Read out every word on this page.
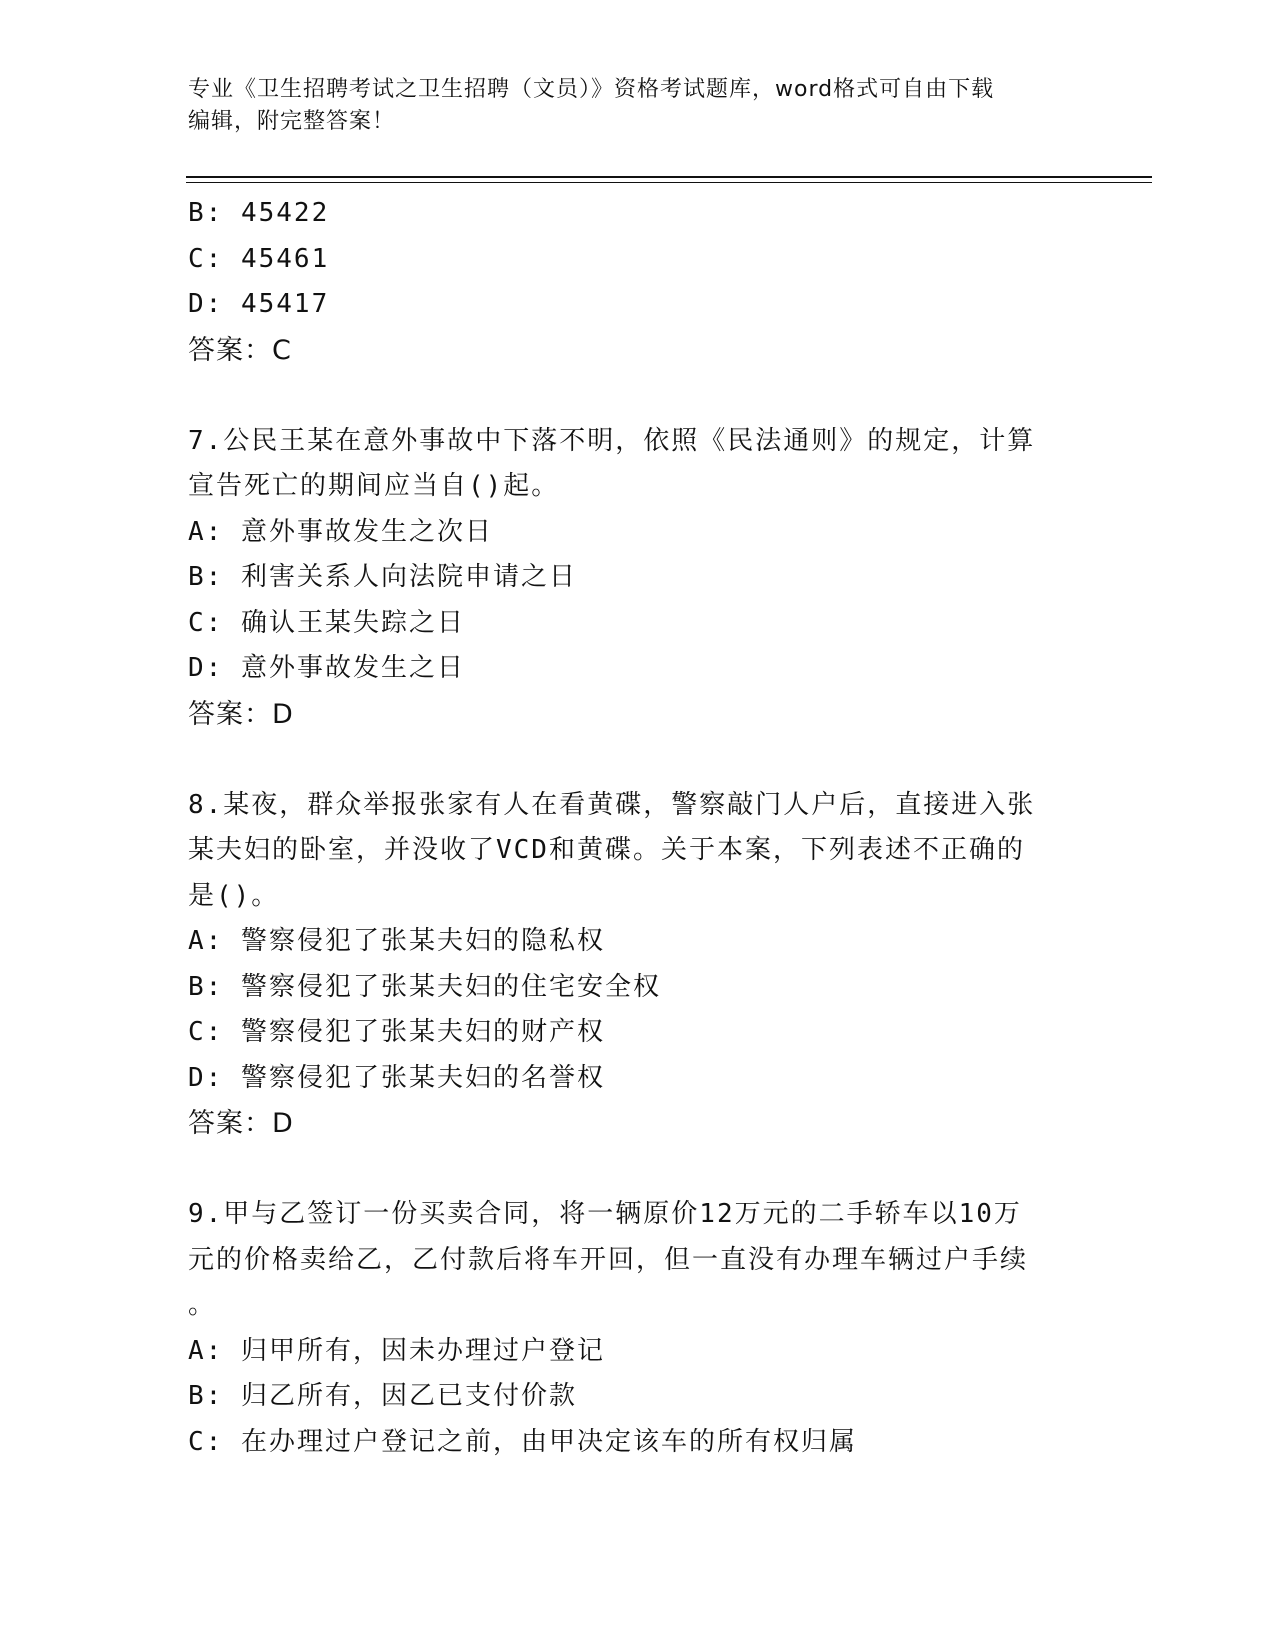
专业《卫生招聘考试之卫生招聘（文员）》资格考试题库，word格式可自由下载
编辑，附完整答案！
B: 45422
C: 45461
D: 45417
答案：C
7.公民王某在意外事故中下落不明，依照《民法通则》的规定，计算
宣告死亡的期间应当自()起。
A: 意外事故发生之次日
B: 利害关系人向法院申请之日
C: 确认王某失踪之日
D: 意外事故发生之日
答案：D
8.某夜，群众举报张家有人在看黄碟，警察敲门人户后，直接进入张
某夫妇的卧室，并没收了VCD和黄碟。关于本案，下列表述不正确的
是()。
A: 警察侵犯了张某夫妇的隐私权
B: 警察侵犯了张某夫妇的住宅安全权
C: 警察侵犯了张某夫妇的财产权
D: 警察侵犯了张某夫妇的名誉权
答案：D
9.甲与乙签订一份买卖合同，将一辆原价12万元的二手轿车以10万
元的价格卖给乙，乙付款后将车开回，但一直没有办理车辆过户手续
。
A: 归甲所有，因未办理过户登记
B: 归乙所有，因乙已支付价款
C: 在办理过户登记之前，由甲决定该车的所有权归属
